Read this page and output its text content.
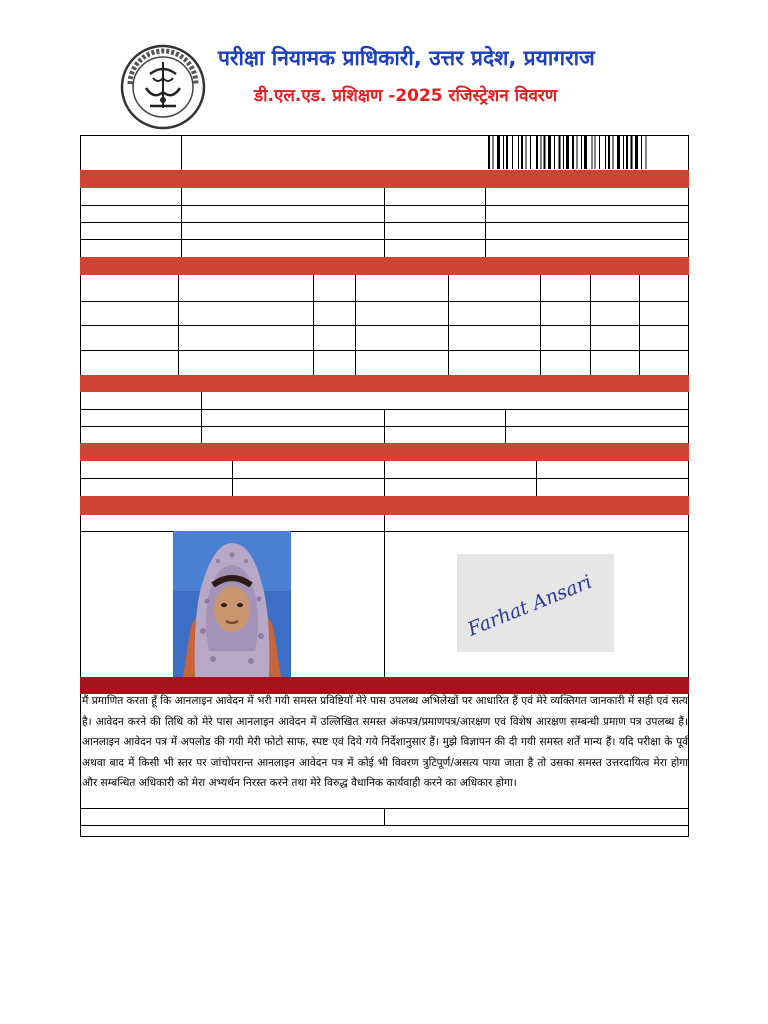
परीक्षा नियामक प्राधिकारी, उत्तर प्रदेश, प्रयागराज
डी.एल.एड. प्रशिक्षण -2025 रजिस्ट्रेशन विवरण
Farhat Ansari
मैं प्रमाणित करता हूँ कि आनलाइन आवेदन में भरी गयी समस्त प्रविष्टियाँ मेरे पास उपलब्ध अभिलेखों पर आधारित हैं एवं मेरे व्यक्तिगत जानकारी में सही एवं सत्य है। आवेदन करने की तिथि को मेरे पास आनलाइन आवेदन में उल्लिखित समस्त अंकपत्र/प्रमाणपत्र/आरक्षण एवं विशेष आरक्षण सम्बन्धी प्रमाण पत्र उपलब्ध हैं। आनलाइन आवेदन पत्र में अपलोड की गयी मेरी फोटो साफ, स्पष्ट एवं दिये गये निर्देशानुसार हैं। मुझे विज्ञापन की दी गयी समस्त शर्तें मान्य हैं। यदि परीक्षा के पूर्व अथवा बाद में किसी भी स्तर पर जांचोपरान्त आनलाइन आवेदन पत्र में कोई भी विवरण त्रुटिपूर्ण/असत्य पाया जाता है तो उसका समस्त उत्तरदायित्व मेरा होगा और सम्बन्धित अधिकारी को मेरा अभ्यर्थन निरस्त करने तथा मेरे विरुद्ध वैधानिक कार्यवाही करने का अधिकार होगा।
